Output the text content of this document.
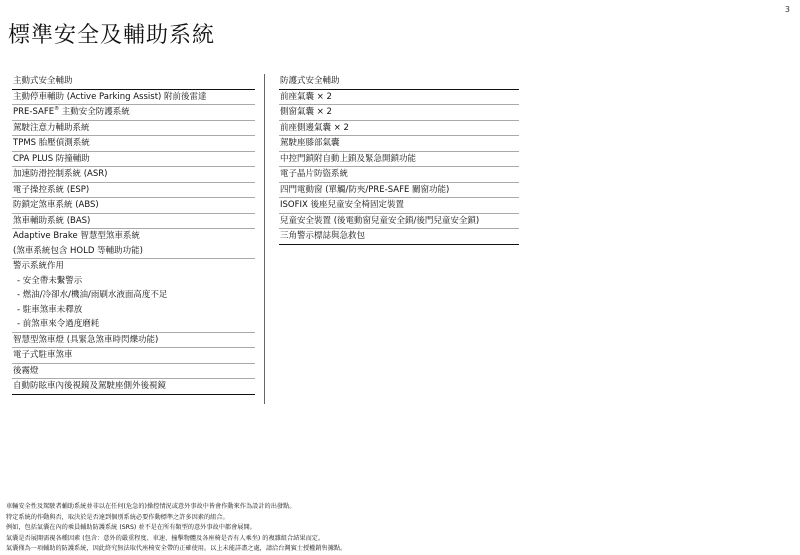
3
標準安全及輔助系統
主動式安全輔助
主動停車輔助 (Active Parking Assist) 附前後雷達
PRE-SAFE® 主動安全防護系統
駕駛注意力輔助系統
TPMS 胎壓偵測系統
CPA PLUS 防撞輔助
加速防滑控制系統 (ASR)
電子操控系統 (ESP)
防鎖定煞車系統 (ABS)
煞車輔助系統 (BAS)
Adaptive Brake 智慧型煞車系統
(煞車系統包含 HOLD 等輔助功能)
警示系統作用
- 安全帶未繫警示
- 燃油/冷卻水/機油/雨刷水液面高度不足
- 駐車煞車未釋放
- 前煞車來令過度磨耗
智慧型煞車燈 (具緊急煞車時閃爍功能)
電子式駐車煞車
後霧燈
自動防眩車內後視鏡及駕駛座側外後視鏡
防護式安全輔助
前座氣囊 × 2
側窗氣囊 × 2
前座側邊氣囊 × 2
駕駛座膝部氣囊
中控門鎖附自動上鎖及緊急開鎖功能
電子晶片防盜系統
四門電動窗 (單觸/防夾/PRE-SAFE 關窗功能)
ISOFIX 後座兒童安全椅固定裝置
兒童安全裝置 (後電動窗兒童安全鎖/後門兒童安全鎖)
三角警示標誌與急救包
車輛安全性及駕駛者輔助系統並非以在任何(危急的)操控情況或意外事故中皆會作動來作為設計的出發點。
特定系統的作動與否，取決於是否達到個別系統必要作動標準之許多因素的組合。
例如，包括氣囊在內的乘員輔助防護系統 (SRS) 並不是在所有類型的意外事故中都會展開。
氣囊是否展開需視各種因素 (包含：意外的嚴重程度、車速、撞擊物體及各座椅是否有人乘坐) 的複雜組合結果而定。
氣囊僅為一項輔助的防護系統，因此終究無法取代座椅安全帶的正確使用。以上未能詳盡之處，請洽台灣賓士授權銷售據點。
